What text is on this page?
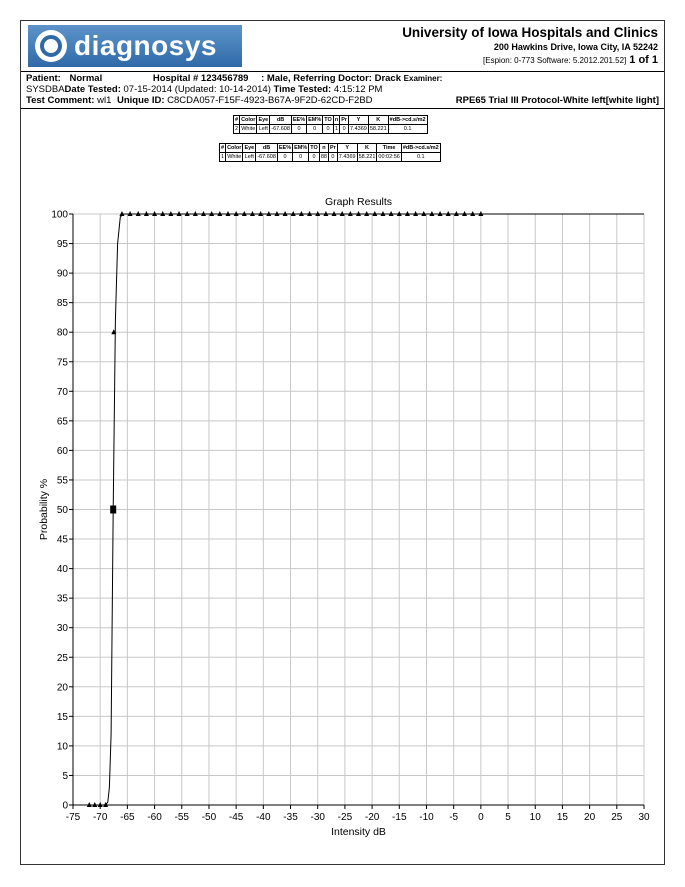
diagnosys	University of Iowa Hospitals and Clinics
200 Hawkins Drive, Iowa City, IA 52242
[Espion: 0-773 Software: 5.2012.201.52] 1 of 1
Patient: Normal	Hospital # 123456789 : Male, Referring Doctor: Drack Examiner:
SYSDBADate Tested: 07-15-2014 (Updated: 10-14-2014) Time Tested: 4:15:12 PM
Test Comment: wl1 Unique ID: C8CDA057-F15F-4923-B67A-9F2D-62CD-F2BD	RPE65 Trial III Protocol-White left[white light]
#	Color	Eye	dB	EE%	EM%	TO	n	Pr	Y	K	#dB->cd.s/m2
2	White	Left	-67.608	0	0	0	1	0	7.4369	58.221	0.1
#	Color	Eye	dB	EE%	EM%	TO	n	Pr	Y	K	Time	#dB->cd.s/m2
1	White	Left	-67.608	0	0	0	88	0	7.4369	58.221	00:02:56	0.1
-75 -70 -65 -60 -55 -50 -45 -40 -35 -30 -25 -20 -15 -10 -5 0 5 10 15 20 25 30
0
5
10
15
20
25
30
35
40
45
50
55
60
65
70
75
80
85
90
95
100
Graph Results
Intensity dB
Probability %
